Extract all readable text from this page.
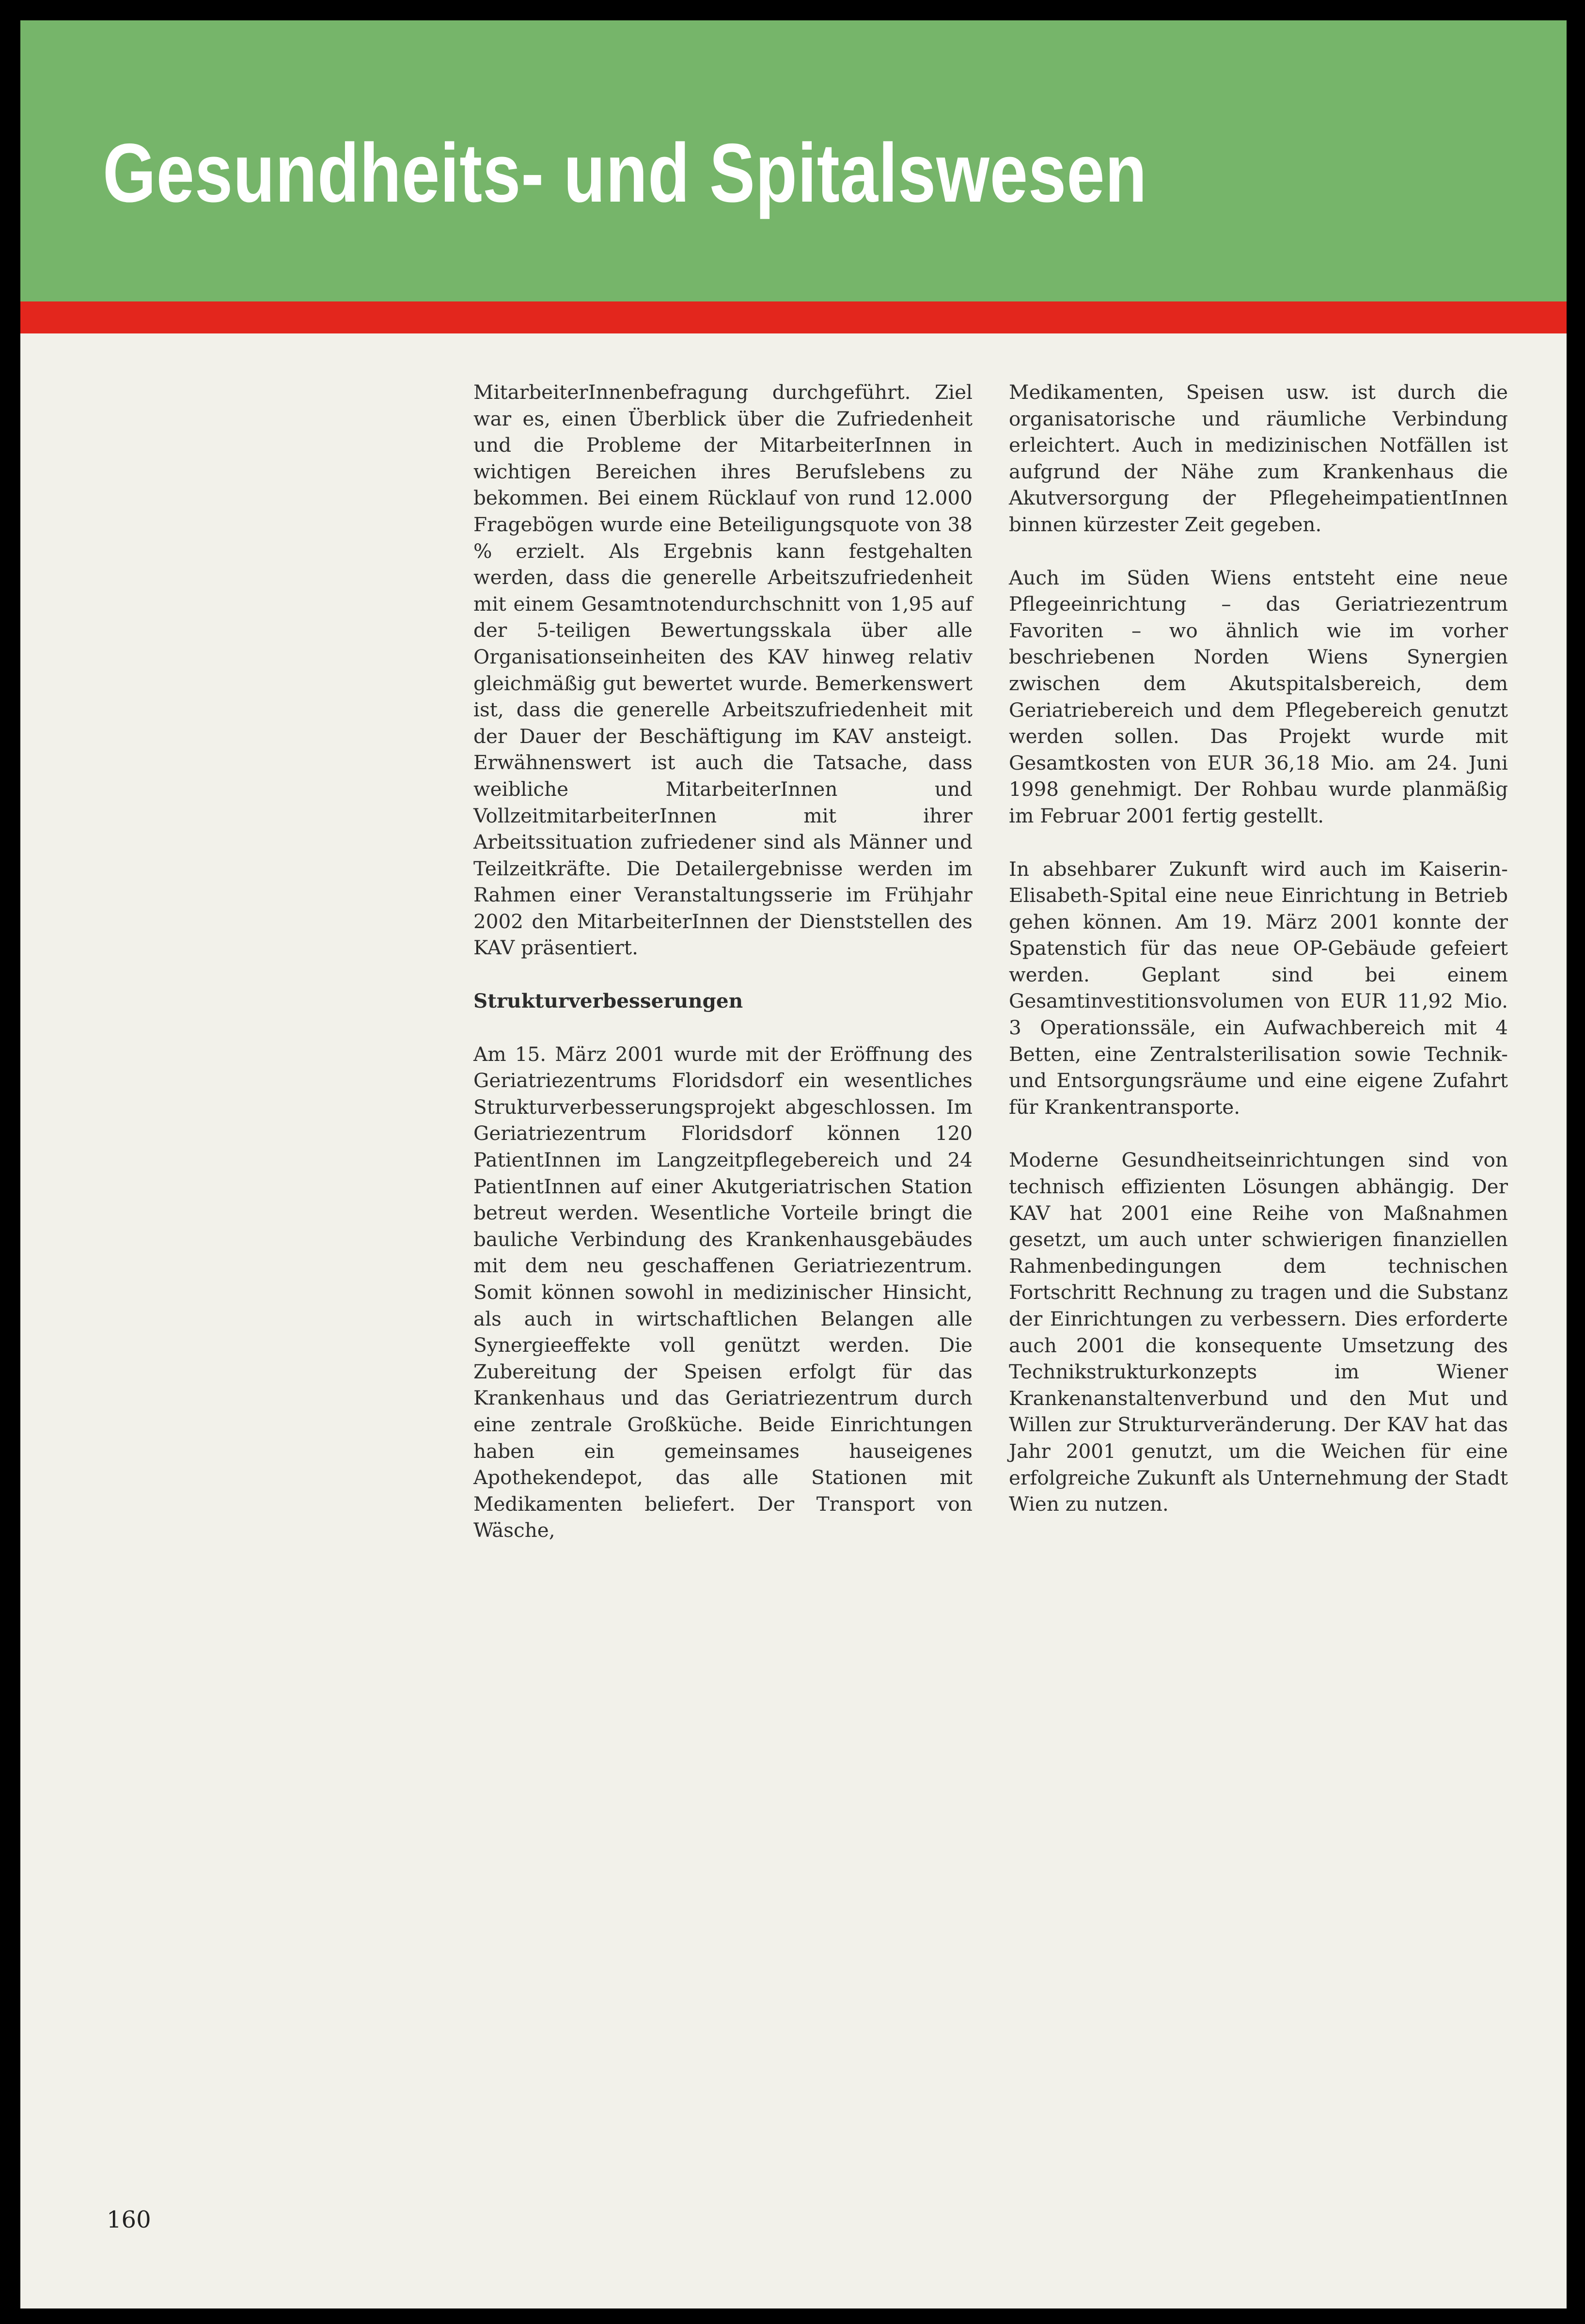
Gesundheits- und Spitalswesen

MitarbeiterInnenbefragung durchgeführt. Ziel war es, einen Überblick über die Zufriedenheit und die Probleme der MitarbeiterInnen in wichtigen Bereichen ihres Berufslebens zu bekommen. Bei einem Rücklauf von rund 12.000 Fragebögen wurde eine Beteiligungsquote von 38 % erzielt. Als Ergebnis kann festgehalten werden, dass die generelle Arbeitszufriedenheit mit einem Gesamtnotendurchschnitt von 1,95 auf der 5-teiligen Bewertungsskala über alle Organisationseinheiten des KAV hinweg relativ gleichmäßig gut bewertet wurde. Bemerkenswert ist, dass die generelle Arbeitszufriedenheit mit der Dauer der Beschäftigung im KAV ansteigt. Erwähnenswert ist auch die Tatsache, dass weibliche MitarbeiterInnen und VollzeitmitarbeiterInnen mit ihrer Arbeitssituation zufriedener sind als Männer und Teilzeitkräfte. Die Detailergebnisse werden im Rahmen einer Veranstaltungsserie im Frühjahr 2002 den MitarbeiterInnen der Dienststellen des KAV präsentiert.

Strukturverbesserungen

Am 15. März 2001 wurde mit der Eröffnung des Geriatriezentrums Floridsdorf ein wesentliches Strukturverbesserungsprojekt abgeschlossen. Im Geriatriezentrum Floridsdorf können 120 PatientInnen im Langzeitpflegebereich und 24 PatientInnen auf einer Akutgeriatrischen Station betreut werden. Wesentliche Vorteile bringt die bauliche Verbindung des Krankenhausgebäudes mit dem neu geschaffenen Geriatriezentrum. Somit können sowohl in medizinischer Hinsicht, als auch in wirtschaftlichen Belangen alle Synergieeffekte voll genützt werden. Die Zubereitung der Speisen erfolgt für das Krankenhaus und das Geriatriezentrum durch eine zentrale Großküche. Beide Einrichtungen haben ein gemeinsames hauseigenes Apothekendepot, das alle Stationen mit Medikamenten beliefert. Der Transport von Wäsche,

Medikamenten, Speisen usw. ist durch die organisatorische und räumliche Verbindung erleichtert. Auch in medizinischen Notfällen ist aufgrund der Nähe zum Krankenhaus die Akutversorgung der PflegeheimpatientInnen binnen kürzester Zeit gegeben.

Auch im Süden Wiens entsteht eine neue Pflegeeinrichtung – das Geriatriezentrum Favoriten – wo ähnlich wie im vorher beschriebenen Norden Wiens Synergien zwischen dem Akutspitalsbereich, dem Geriatriebereich und dem Pflegebereich genutzt werden sollen. Das Projekt wurde mit Gesamtkosten von EUR 36,18 Mio. am 24. Juni 1998 genehmigt. Der Rohbau wurde planmäßig im Februar 2001 fertig gestellt.

In absehbarer Zukunft wird auch im Kaiserin-Elisabeth-Spital eine neue Einrichtung in Betrieb gehen können. Am 19. März 2001 konnte der Spatenstich für das neue OP-Gebäude gefeiert werden. Geplant sind bei einem Gesamtinvestitionsvolumen von EUR 11,92 Mio. 3 Operationssäle, ein Aufwachbereich mit 4 Betten, eine Zentralsterilisation sowie Technik- und Entsorgungsräume und eine eigene Zufahrt für Krankentransporte.

Moderne Gesundheitseinrichtungen sind von technisch effizienten Lösungen abhängig. Der KAV hat 2001 eine Reihe von Maßnahmen gesetzt, um auch unter schwierigen finanziellen Rahmenbedingungen dem technischen Fortschritt Rechnung zu tragen und die Substanz der Einrichtungen zu verbessern. Dies erforderte auch 2001 die konsequente Umsetzung des Technikstrukturkonzepts im Wiener Krankenanstaltenverbund und den Mut und Willen zur Strukturveränderung. Der KAV hat das Jahr 2001 genutzt, um die Weichen für eine erfolgreiche Zukunft als Unternehmung der Stadt Wien zu nutzen.

160
